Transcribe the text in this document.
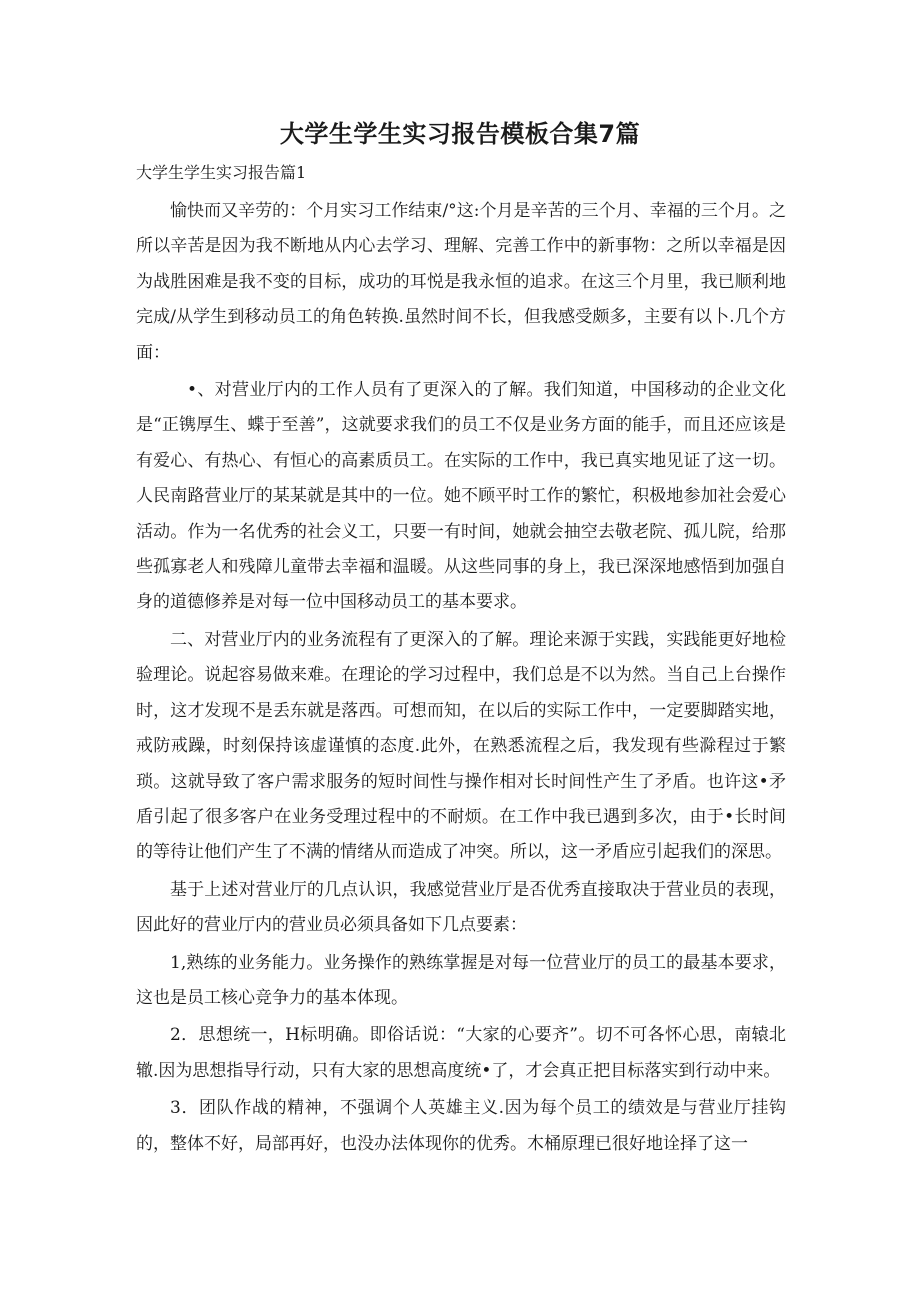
大学生学生实习报告模板合集7篇

大学生学生实习报告篇1

愉快而又辛劳的：个月实习工作结束/°这:个月是辛苦的三个月、幸福的三个月。之所以辛苦是因为我不断地从内心去学习、理解、完善工作中的新事物：之所以幸福是因为战胜困难是我不变的目标，成功的耳悦是我永恒的追求。在这三个月里，我已顺利地完成/从学生到移动员工的角色转换.虽然时间不长，但我感受颇多，主要有以卜.几个方面：

•、对营业厅内的工作人员有了更深入的了解。我们知道，中国移动的企业文化是“正镌厚生、蝶于至善”，这就要求我们的员工不仅是业务方面的能手，而且还应该是有爱心、有热心、有恒心的高素质员工。在实际的工作中，我已真实地见证了这一切。人民南路营业厅的某某就是其中的一位。她不顾平时工作的繁忙，积极地参加社会爱心活动。作为一名优秀的社会义工，只要一有时间，她就会抽空去敬老院、孤儿院，给那些孤寡老人和残障儿童带去幸福和温暖。从这些同事的身上，我已深深地感悟到加强自身的道德修养是对每一位中国移动员工的基本要求。

二、对营业厅内的业务流程有了更深入的了解。理论来源于实践，实践能更好地检验理论。说起容易做来难。在理论的学习过程中，我们总是不以为然。当自己上台操作时，这才发现不是丢东就是落西。可想而知，在以后的实际工作中，一定要脚踏实地，戒防戒躁，时刻保持该虚谨慎的态度.此外，在熟悉流程之后，我发现有些滁程过于繁琐。这就导致了客户需求服务的短时间性与操作相对长时间性产生了矛盾。也许这•矛盾引起了很多客户在业务受理过程中的不耐烦。在工作中我已遇到多次，由于•长时间的等待让他们产生了不满的情绪从而造成了冲突。所以，这一矛盾应引起我们的深思。

基于上述对营业厅的几点认识，我感觉营业厅是否优秀直接取决于营业员的表现，因此好的营业厅内的营业员必须具备如下几点要素：

1,熟练的业务能力。业务操作的熟练掌握是对每一位营业厅的员工的最基本要求，这也是员工核心竞争力的基本体现。

2．思想统一，H标明确。即俗话说：“大家的心要齐”。切不可各怀心思，南辕北辙.因为思想指导行动，只有大家的思想高度统•了，才会真正把目标落实到行动中来。

3．团队作战的精神，不强调个人英雄主义.因为每个员工的绩效是与营业厅挂钩的，整体不好，局部再好，也没办法体现你的优秀。木桶原理已很好地诠择了这一
